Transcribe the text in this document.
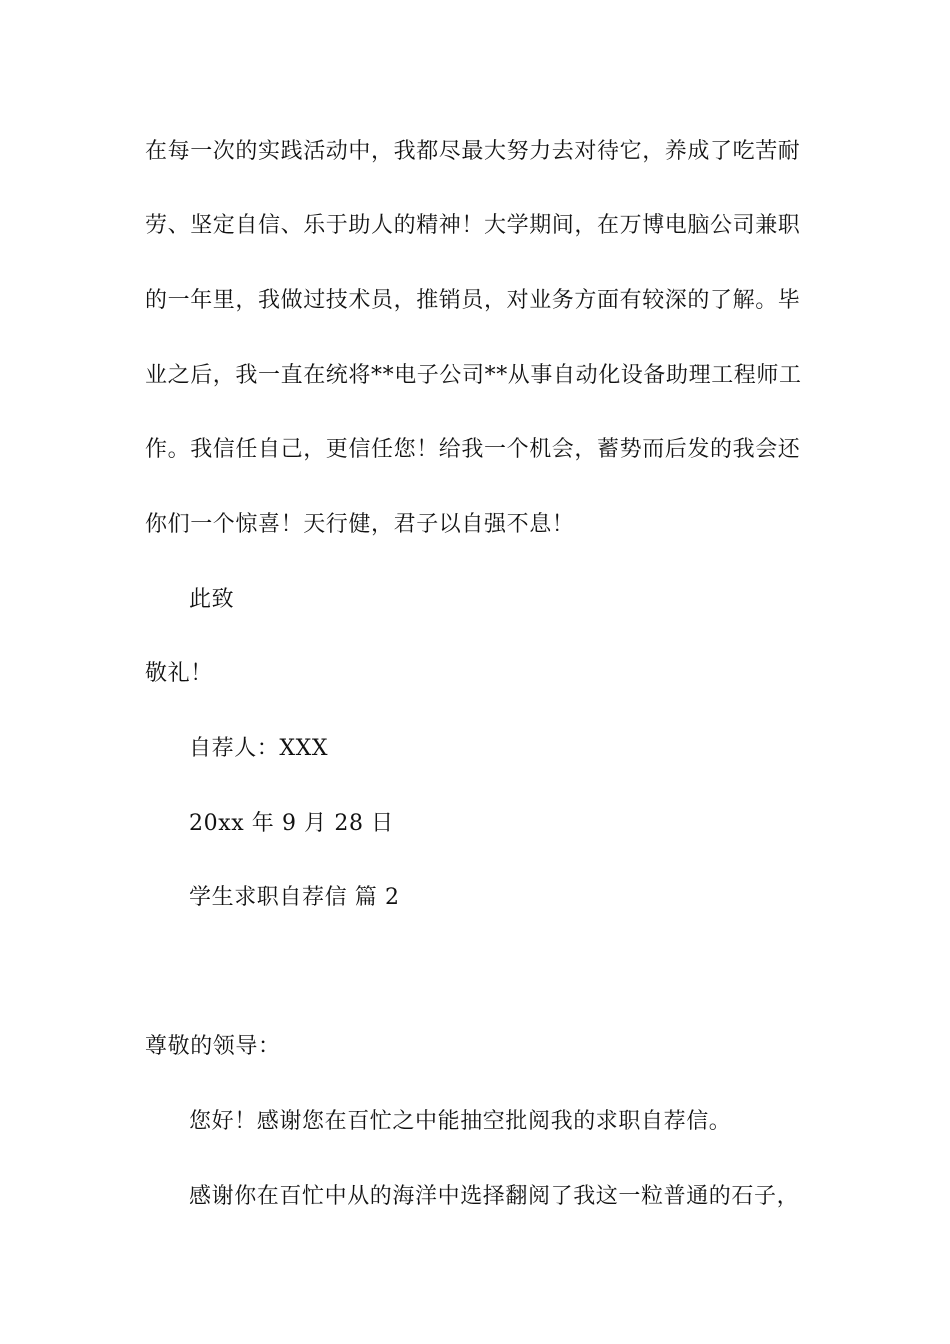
在每一次的实践活动中，我都尽最大努力去对待它，养成了吃苦耐
劳、坚定自信、乐于助人的精神！大学期间，在万博电脑公司兼职
的一年里，我做过技术员，推销员，对业务方面有较深的了解。毕
业之后，我一直在统将**电子公司**从事自动化设备助理工程师工
作。我信任自己，更信任您！给我一个机会，蓄势而后发的我会还
你们一个惊喜！天行健，君子以自强不息！
此致
敬礼！
自荐人：XXX
20xx 年 9 月 28 日
学生求职自荐信 篇 2
尊敬的领导：
您好！感谢您在百忙之中能抽空批阅我的求职自荐信。
感谢你在百忙中从的海洋中选择翻阅了我这一粒普通的石子，
